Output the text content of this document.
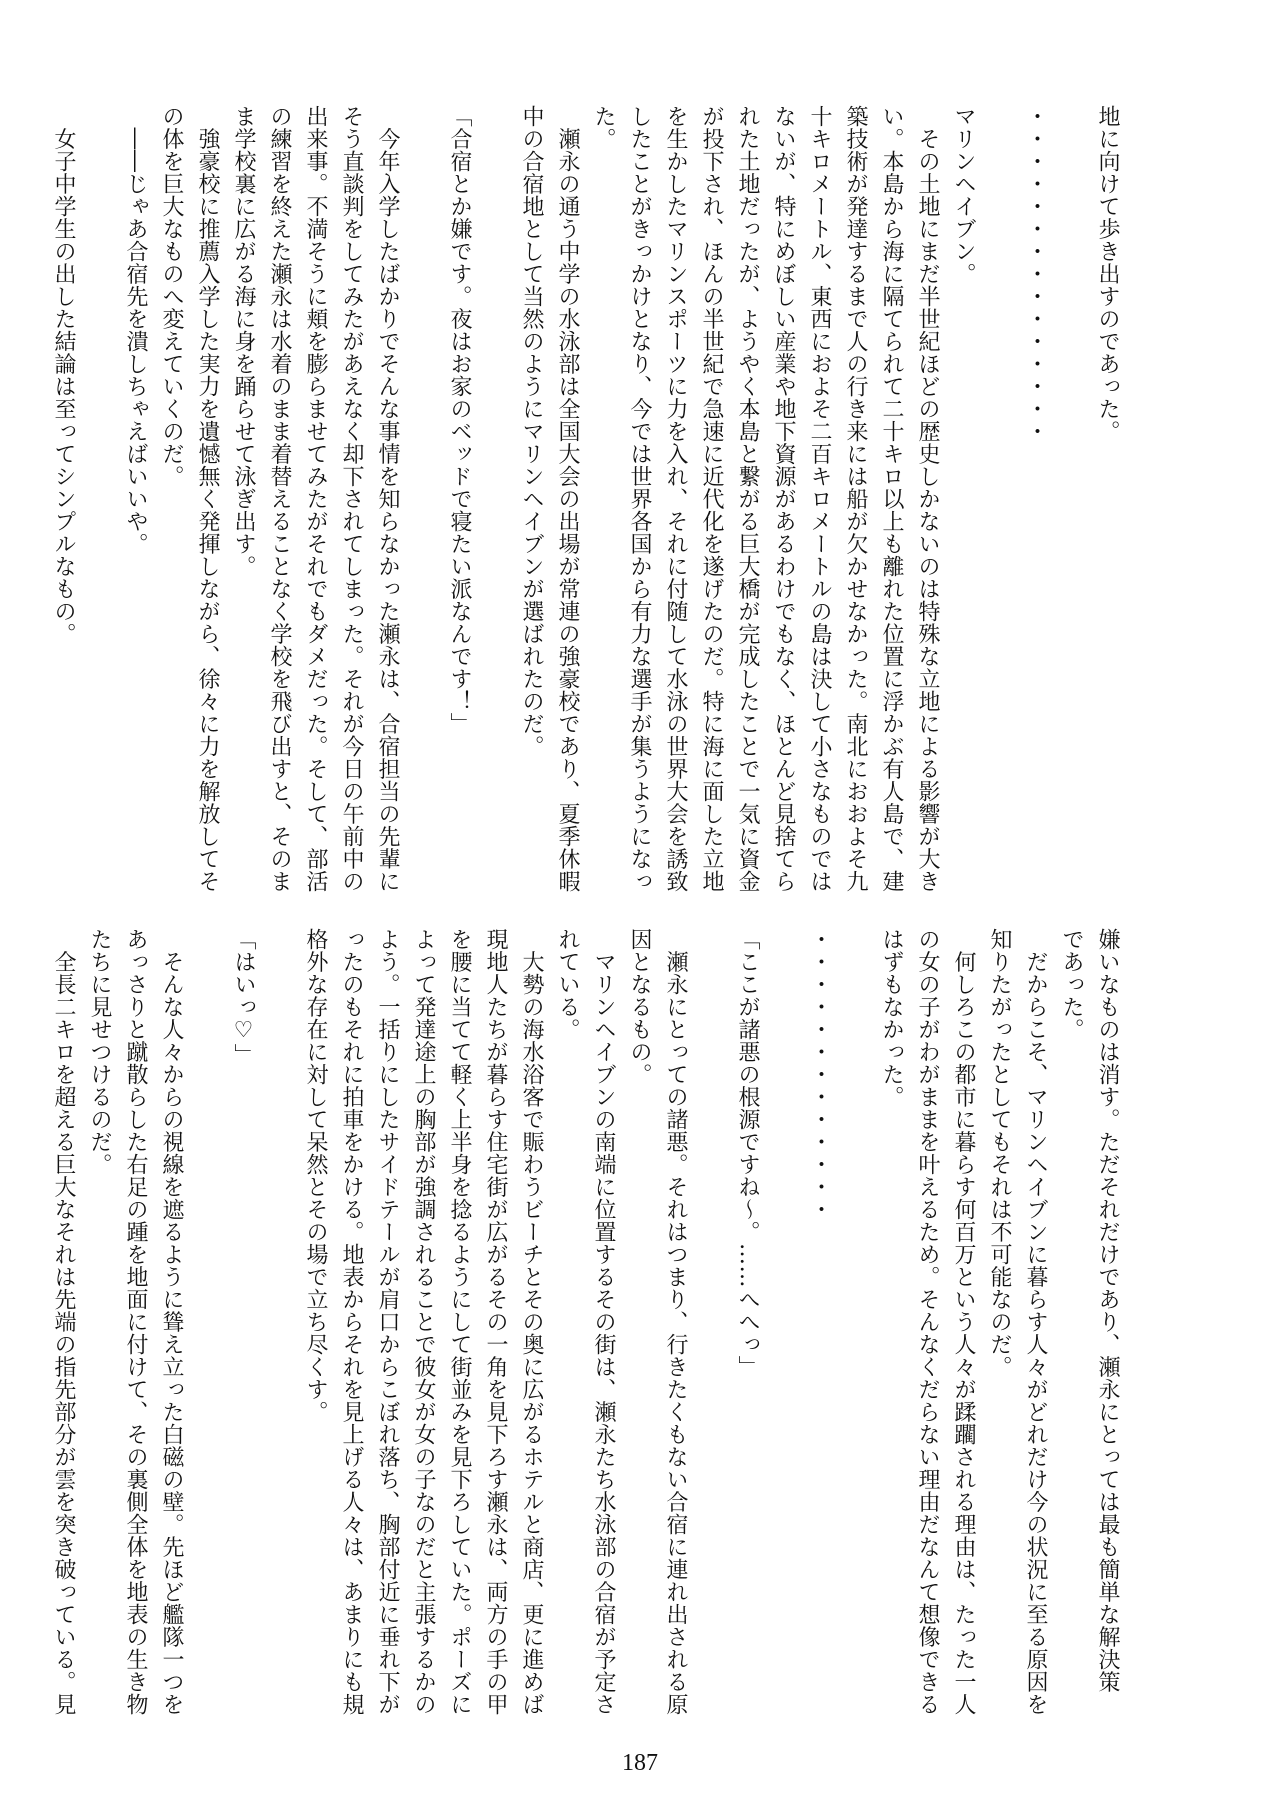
地に向けて歩き出すのであった。

・・・・・・・・・・・・・・・

マリンヘイブン。
　その土地にまだ半世紀ほどの歴史しかないのは特殊な立地による影響が大き
い。本島から海に隔てられて二十キロ以上も離れた位置に浮かぶ有人島で、建
築技術が発達するまで人の行き来には船が欠かせなかった。南北におおよそ九
十キロメートル、東西におよそ二百キロメートルの島は決して小さなものでは
ないが、特にめぼしい産業や地下資源があるわけでもなく、ほとんど見捨てら
れた土地だったが、ようやく本島と繋がる巨大橋が完成したことで一気に資金
が投下され、ほんの半世紀で急速に近代化を遂げたのだ。特に海に面した立地
を生かしたマリンスポーツに力を入れ、それに付随して水泳の世界大会を誘致
したことがきっかけとなり、今では世界各国から有力な選手が集うようになっ
た。
　瀬永の通う中学の水泳部は全国大会の出場が常連の強豪校であり、夏季休暇
中の合宿地として当然のようにマリンヘイブンが選ばれたのだ。

「合宿とか嫌です。夜はお家のベッドで寝たい派なんです！」

　今年入学したばかりでそんな事情を知らなかった瀬永は、合宿担当の先輩に
そう直談判をしてみたがあえなく却下されてしまった。それが今日の午前中の
出来事。不満そうに頬を膨らませてみたがそれでもダメだった。そして、部活
の練習を終えた瀬永は水着のまま着替えることなく学校を飛び出すと、そのま
ま学校裏に広がる海に身を踊らせて泳ぎ出す。
　強豪校に推薦入学した実力を遺憾無く発揮しながら、徐々に力を解放してそ
の体を巨大なものへ変えていくのだ。
　――じゃあ合宿先を潰しちゃえばいいや。

　女子中学生の出した結論は至ってシンプルなもの。
嫌いなものは消す。ただそれだけであり、瀬永にとっては最も簡単な解決策
であった。
　だからこそ、マリンヘイブンに暮らす人々がどれだけ今の状況に至る原因を
知りたがったとしてもそれは不可能なのだ。
　何しろこの都市に暮らす何百万という人々が蹂躙される理由は、たった一人
の女の子がわがままを叶えるため。そんなくだらない理由だなんて想像できる
はずもなかった。

・・・・・・・・・・・・・

「ここが諸悪の根源ですね～。……へへっ」

　瀬永にとっての諸悪。それはつまり、行きたくもない合宿に連れ出される原
因となるもの。
　マリンヘイブンの南端に位置するその街は、瀬永たち水泳部の合宿が予定さ
れている。
　大勢の海水浴客で賑わうビーチとその奥に広がるホテルと商店、更に進めば
現地人たちが暮らす住宅街が広がるその一角を見下ろす瀬永は、両方の手の甲
を腰に当てて軽く上半身を捻るようにして街並みを見下ろしていた。ポーズに
よって発達途上の胸部が強調されることで彼女が女の子なのだと主張するかの
よう。一括りにしたサイドテールが肩口からこぼれ落ち、胸部付近に垂れ下が
ったのもそれに拍車をかける。地表からそれを見上げる人々は、あまりにも規
格外な存在に対して呆然とその場で立ち尽くす。

「はいっ♡」

　そんな人々からの視線を遮るように聳え立った白磁の壁。先ほど艦隊一つを
あっさりと蹴散らした右足の踵を地面に付けて、その裏側全体を地表の生き物
たちに見せつけるのだ。
　全長二キロを超える巨大なそれは先端の指先部分が雲を突き破っている。見
187
